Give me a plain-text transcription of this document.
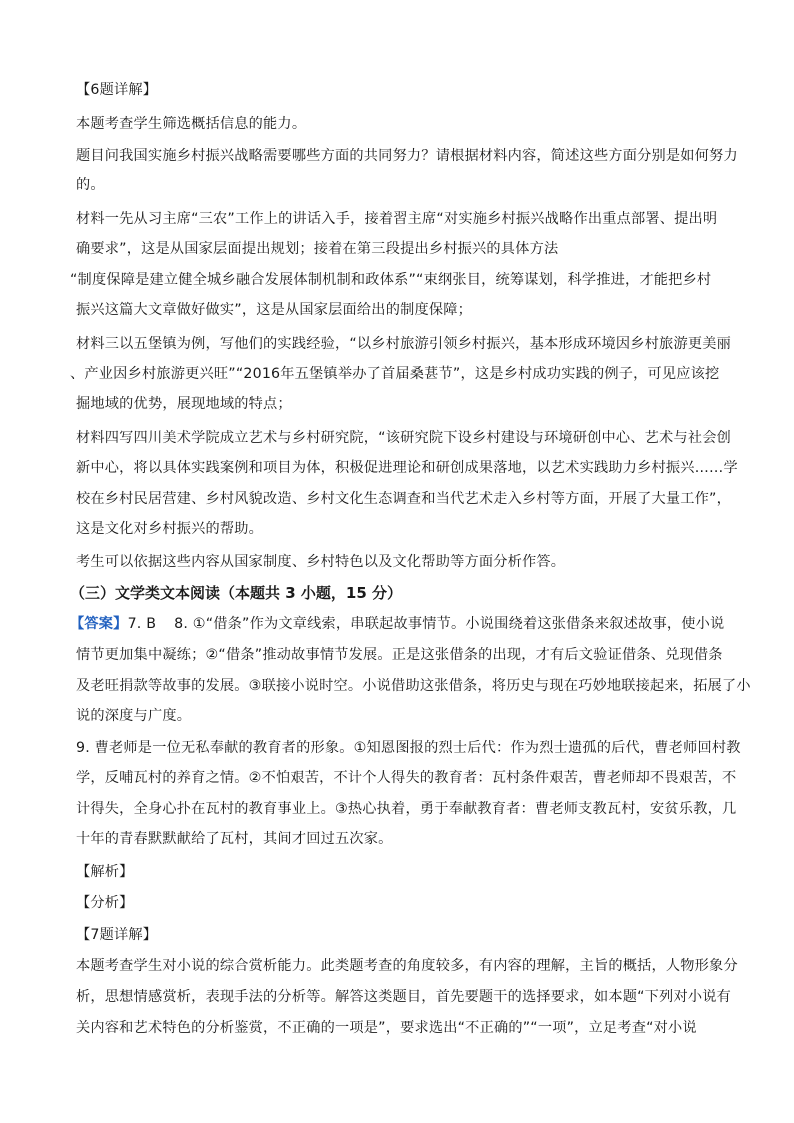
【6题详解】
本题考查学生筛选概括信息的能力。
题目问我国实施乡村振兴战略需要哪些方面的共同努力？请根据材料内容，简述这些方面分别是如何努力
的。
材料一先从习主席“三农”工作上的讲话入手，接着習主席“对实施乡村振兴战略作出重点部署、提出明
确要求”，这是从国家层面提出规划；接着在第三段提出乡村振兴的具体方法
“制度保障是建立健全城乡融合发展体制机制和政体系”“束纲张目，统筹谋划，科学推进，才能把乡村
振兴这篇大文章做好做实”，这是从国家层面给出的制度保障；
材料三以五堡镇为例，写他们的实践经验，“以乡村旅游引领乡村振兴，基本形成环境因乡村旅游更美丽
、产业因乡村旅游更兴旺”“2016年五堡镇举办了首届桑葚节”，这是乡村成功实践的例子，可见应该挖
掘地域的优势，展现地域的特点；
材料四写四川美术学院成立艺术与乡村研究院，“该研究院下设乡村建设与环境研创中心、艺术与社会创
新中心，将以具体实践案例和项目为体，积极促进理论和研创成果落地，以艺术实践助力乡村振兴……学
校在乡村民居营建、乡村风貌改造、乡村文化生态调查和当代艺术走入乡村等方面，开展了大量工作”，
这是文化对乡村振兴的帮助。
考生可以依据这些内容从国家制度、乡村特色以及文化帮助等方面分析作答。
（三）文学类文本阅读（本题共 3 小题，15 分）
【答案】7. B 8. ①“借条”作为文章线索，串联起故事情节。小说围绕着这张借条来叙述故事，使小说
情节更加集中凝练；②“借条”推动故事情节发展。正是这张借条的出现，才有后文验证借条、兑现借条
及老旺捐款等故事的发展。③联接小说时空。小说借助这张借条，将历史与现在巧妙地联接起来，拓展了小
说的深度与广度。
9. 曹老师是一位无私奉献的教育者的形象。①知恩图报的烈士后代：作为烈士遗孤的后代，曹老师回村教
学，反哺瓦村的养育之情。②不怕艰苦，不计个人得失的教育者：瓦村条件艰苦，曹老师却不畏艰苦，不
计得失，全身心扑在瓦村的教育事业上。③热心执着，勇于奉献教育者：曹老师支教瓦村，安贫乐教，几
十年的青春默默献给了瓦村，其间才回过五次家。
【解析】
【分析】
【7题详解】
本题考查学生对小说的综合赏析能力。此类题考查的角度较多，有内容的理解，主旨的概括，人物形象分
析，思想情感赏析，表现手法的分析等。解答这类题目，首先要题干的选择要求，如本题“下列对小说有
关内容和艺术特色的分析鉴赏，不正确的一项是”，要求选出“不正确的”“一项”，立足考查“对小说
